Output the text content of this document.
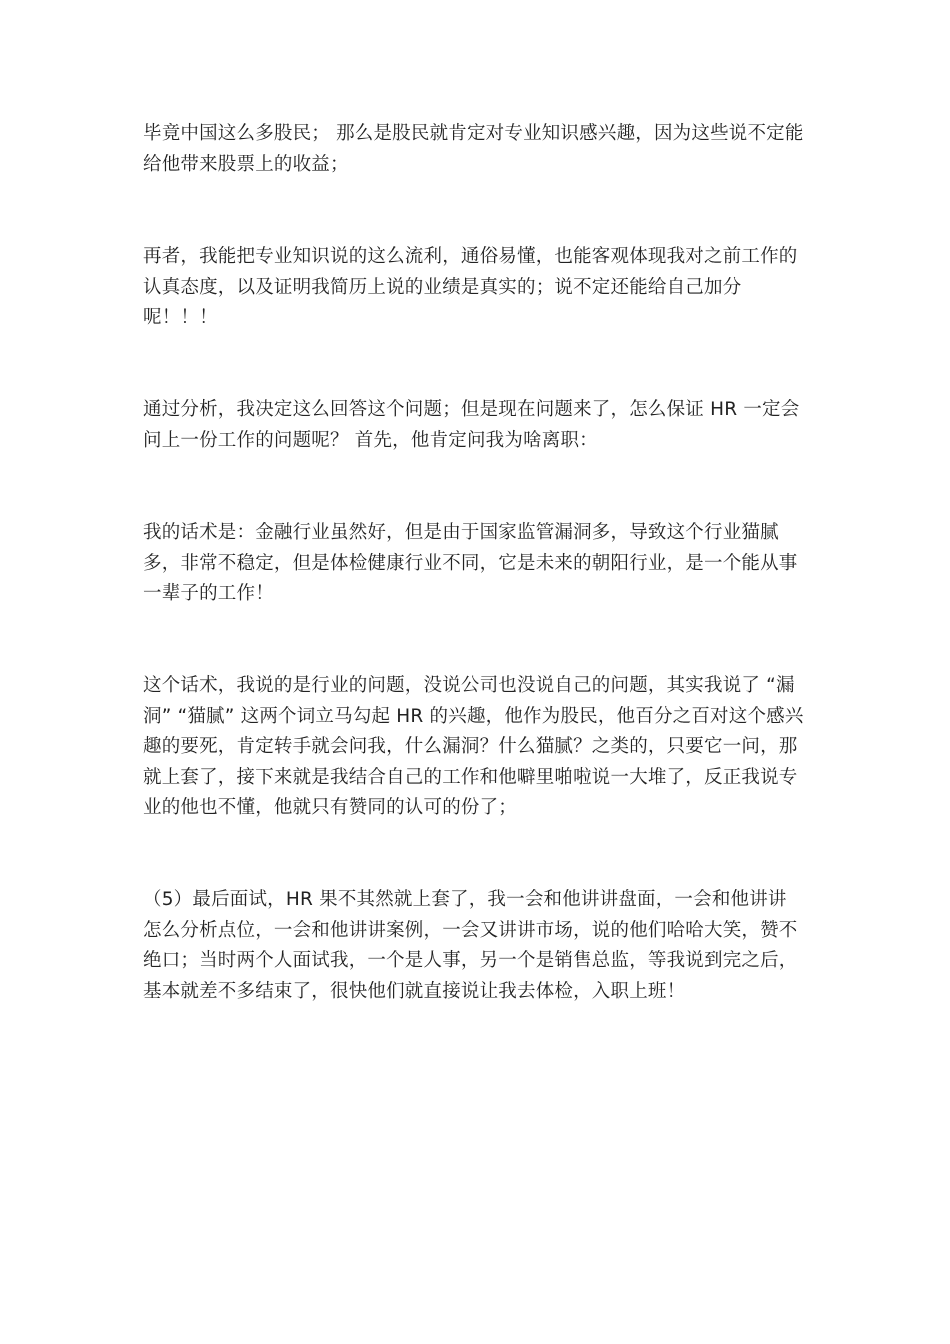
毕竟中国这么多股民； 那么是股民就肯定对专业知识感兴趣，因为这些说不定能给他带来股票上的收益；

再者，我能把专业知识说的这么流利，通俗易懂，也能客观体现我对之前工作的认真态度，以及证明我简历上说的业绩是真实的；说不定还能给自己加分呢！！！

通过分析，我决定这么回答这个问题；但是现在问题来了，怎么保证 HR 一定会问上一份工作的问题呢？ 首先，他肯定问我为啥离职：

我的话术是：金融行业虽然好，但是由于国家监管漏洞多，导致这个行业猫腻多，非常不稳定，但是体检健康行业不同，它是未来的朝阳行业，是一个能从事一辈子的工作！

这个话术，我说的是行业的问题，没说公司也没说自己的问题，其实我说了 “漏洞” “猫腻” 这两个词立马勾起 HR 的兴趣，他作为股民，他百分之百对这个感兴趣的要死，肯定转手就会问我，什么漏洞？什么猫腻？之类的，只要它一问，那就上套了，接下来就是我结合自己的工作和他噼里啪啦说一大堆了，反正我说专业的他也不懂，他就只有赞同的认可的份了；

（5）最后面试，HR 果不其然就上套了，我一会和他讲讲盘面，一会和他讲讲怎么分析点位，一会和他讲讲案例，一会又讲讲市场，说的他们哈哈大笑，赞不绝口；当时两个人面试我，一个是人事，另一个是销售总监，等我说到完之后，基本就差不多结束了，很快他们就直接说让我去体检，入职上班！
